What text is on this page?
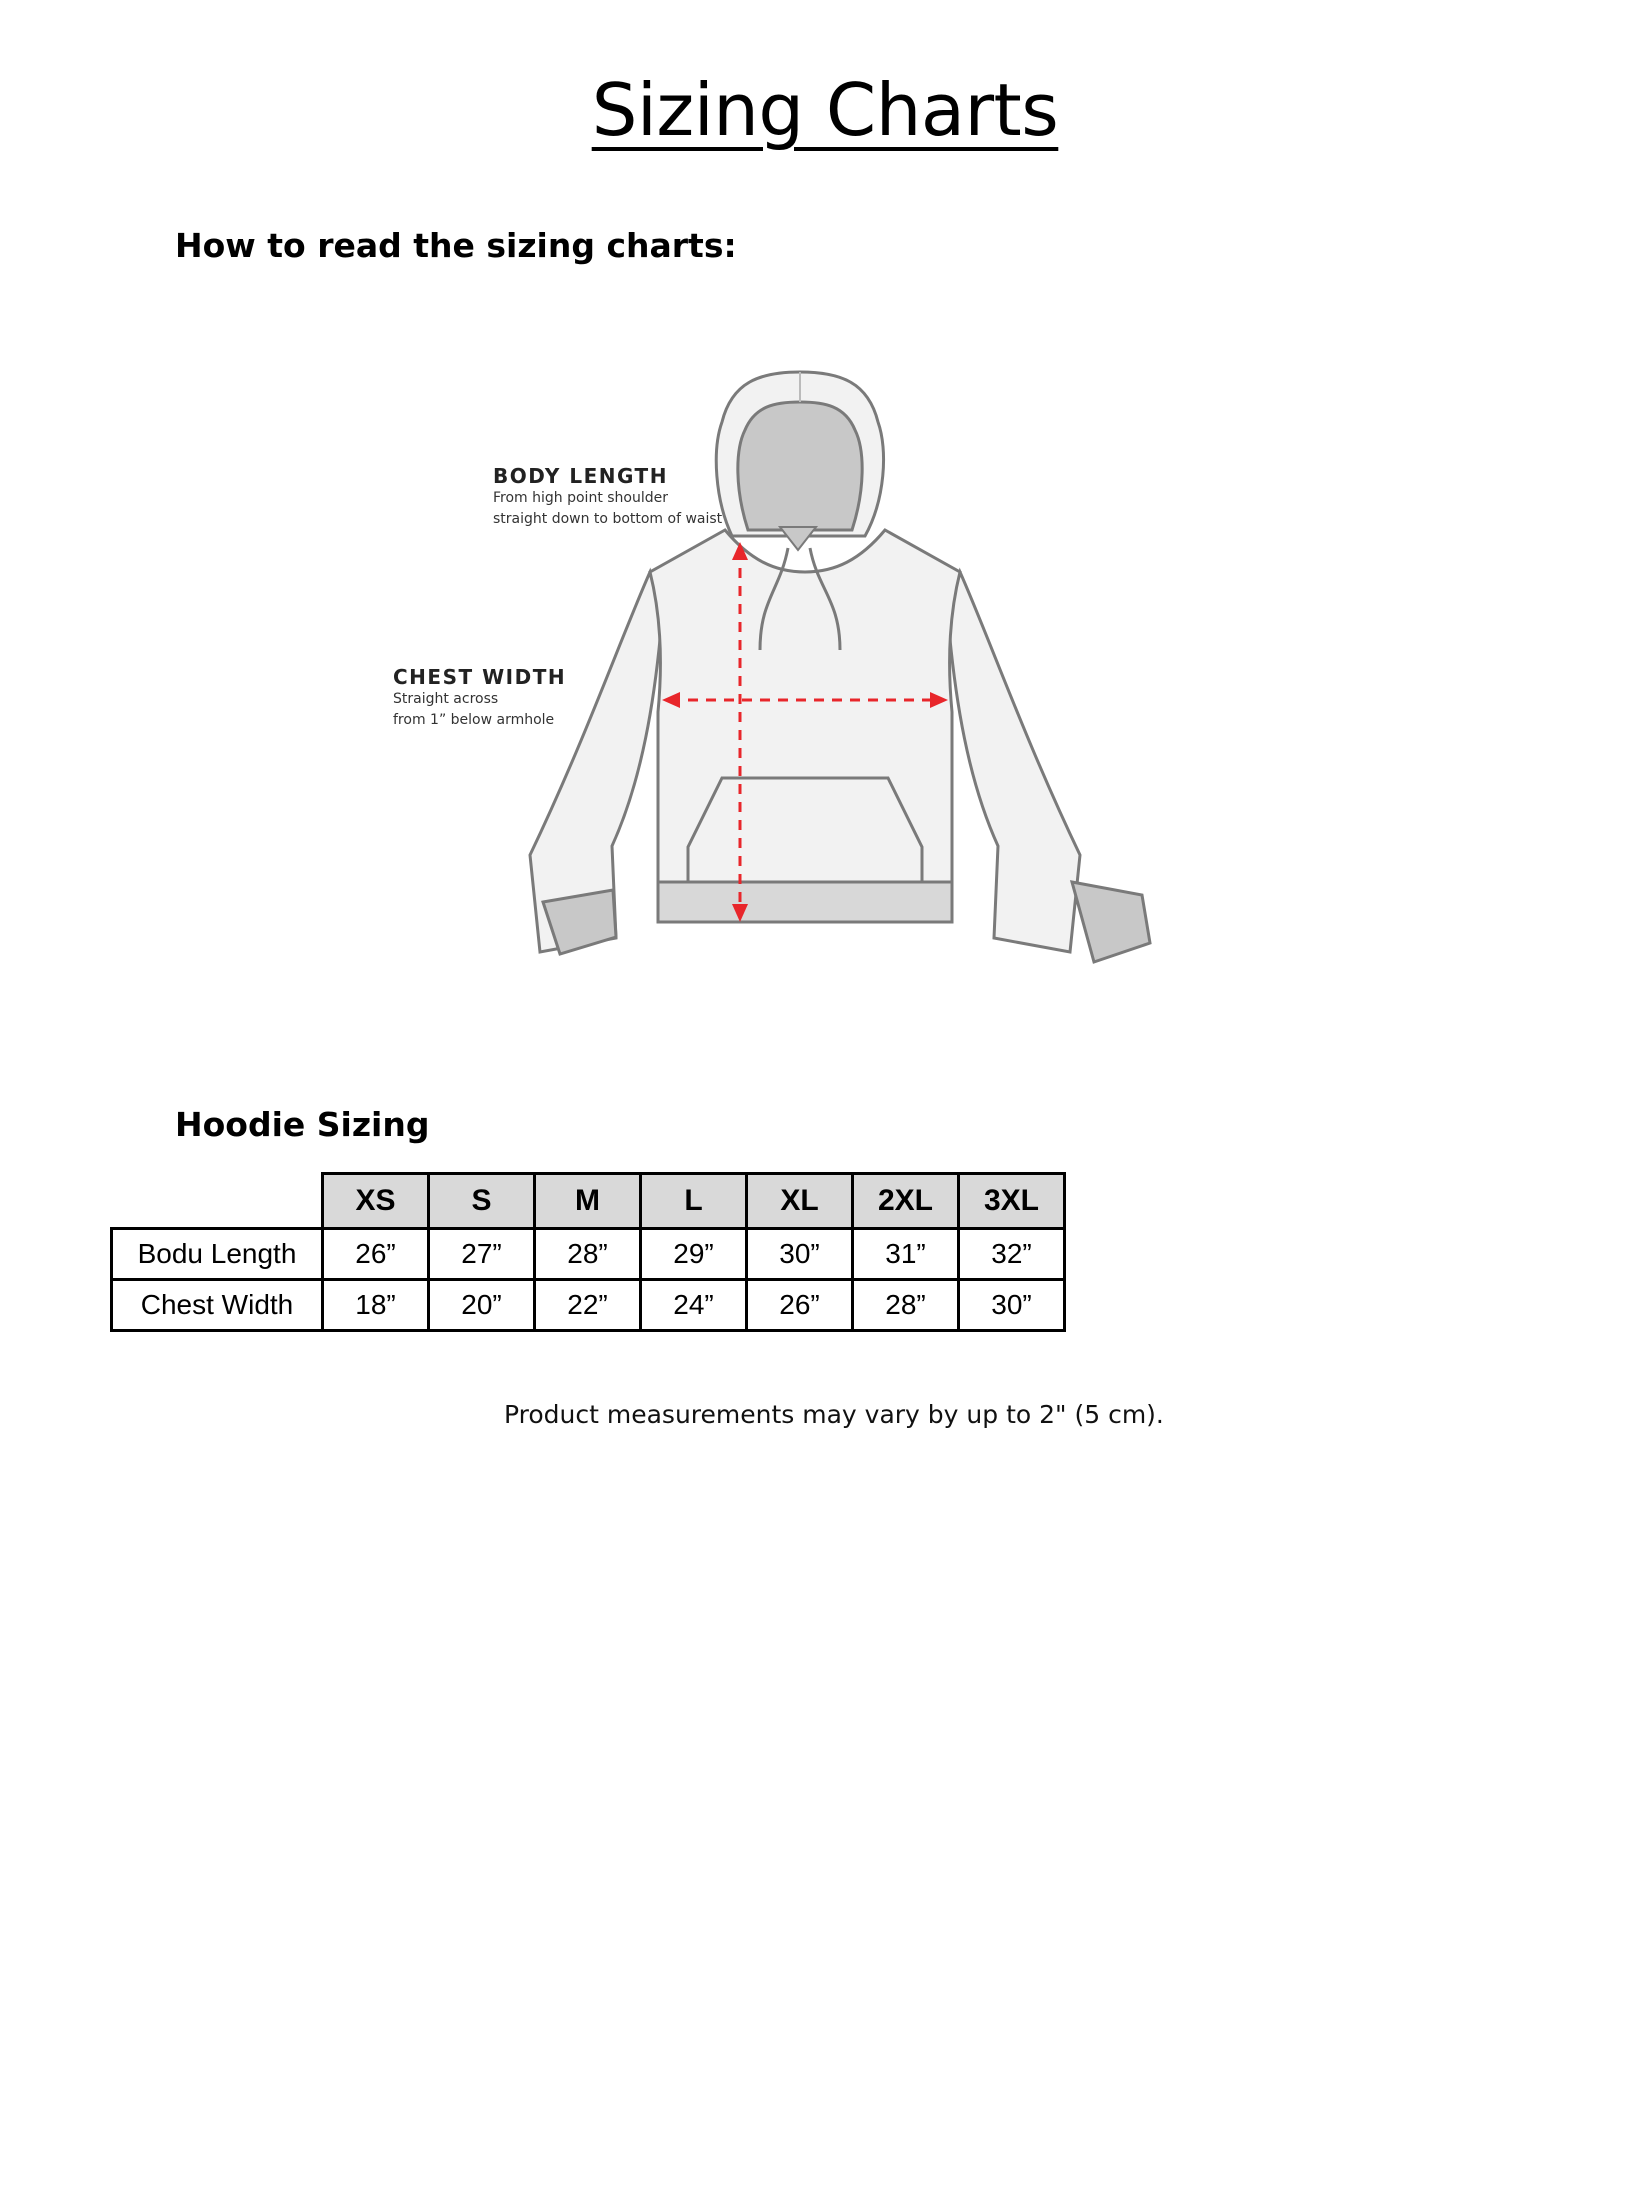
Sizing Charts
How to read the sizing charts:
BODY LENGTH
From high point shoulder
straight down to bottom of waist
CHEST WIDTH
Straight across
from 1” below armhole
Hoodie Sizing
	XS	S	M	L	XL	2XL	3XL
Bodu Length	26”	27”	28”	29”	30”	31”	32”
Chest Width	18”	20”	22”	24”	26”	28”	30”
Product measurements may vary by up to 2" (5 cm).
